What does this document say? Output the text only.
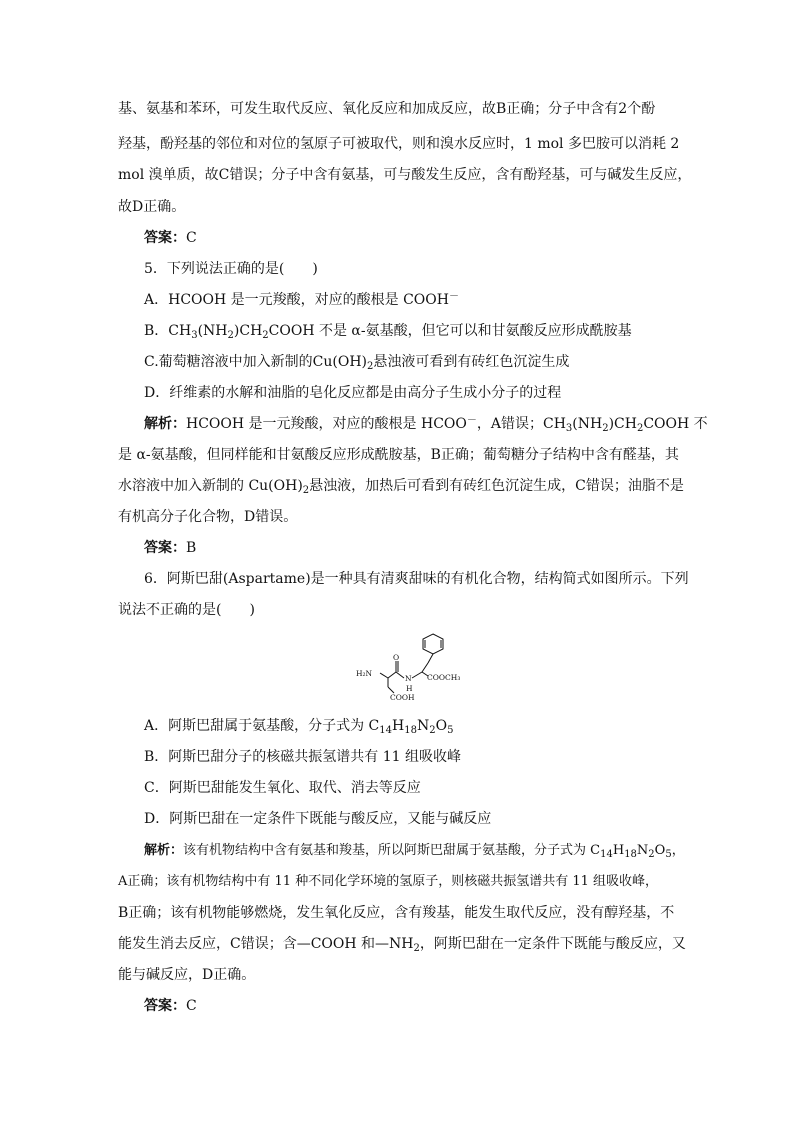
基、氨基和苯环，可发生取代反应、氧化反应和加成反应，故B正确；分子中含有2个酚
羟基，酚羟基的邻位和对位的氢原子可被取代，则和溴水反应时，1 mol 多巴胺可以消耗 2
mol 溴单质，故C错误；分子中含有氨基，可与酸发生反应，含有酚羟基，可与碱发生反应，
故D正确。
答案：C
5．下列说法正确的是(　　)
A．HCOOH 是一元羧酸，对应的酸根是 COOH－
B．$CH_3(NH_2)CH_2COOH$ 不是 α-氨基酸，但它可以和甘氨酸反应形成酰胺基
C.葡萄糖溶液中加入新制的$Cu(OH)_2$悬浊液可看到有砖红色沉淀生成
D．纤维素的水解和油脂的皂化反应都是由高分子生成小分子的过程
解析：HCOOH 是一元羧酸，对应的酸根是 HCOO－，A错误；$CH_3(NH_2)CH_2COOH$ 不
是 α-氨基酸，但同样能和甘氨酸反应形成酰胺基，B正确；葡萄糖分子结构中含有醛基，其
水溶液中加入新制的 $Cu(OH)_2$悬浊液，加热后可看到有砖红色沉淀生成，C错误；油脂不是
有机高分子化合物，D错误。
答案：B
6．阿斯巴甜(Aspartame)是一种具有清爽甜味的有机化合物，结构简式如图所示。下列
说法不正确的是(　　)
H₂N
O
N
H
COOCH₃
COOH
A．阿斯巴甜属于氨基酸，分子式为 $C_{14}H_{18}N_2O_5$
B．阿斯巴甜分子的核磁共振氢谱共有 11 组吸收峰
C．阿斯巴甜能发生氧化、取代、消去等反应
D．阿斯巴甜在一定条件下既能与酸反应，又能与碱反应
解析：该有机物结构中含有氨基和羧基，所以阿斯巴甜属于氨基酸，分子式为 $C_{14}H_{18}N_2O_5$，
A正确；该有机物结构中有 11 种不同化学环境的氢原子，则核磁共振氢谱共有 11 组吸收峰，
B正确；该有机物能够燃烧，发生氧化反应，含有羧基，能发生取代反应，没有醇羟基，不
能发生消去反应，C错误；含—COOH 和$—NH_2$，阿斯巴甜在一定条件下既能与酸反应，又
能与碱反应，D正确。
答案：C
